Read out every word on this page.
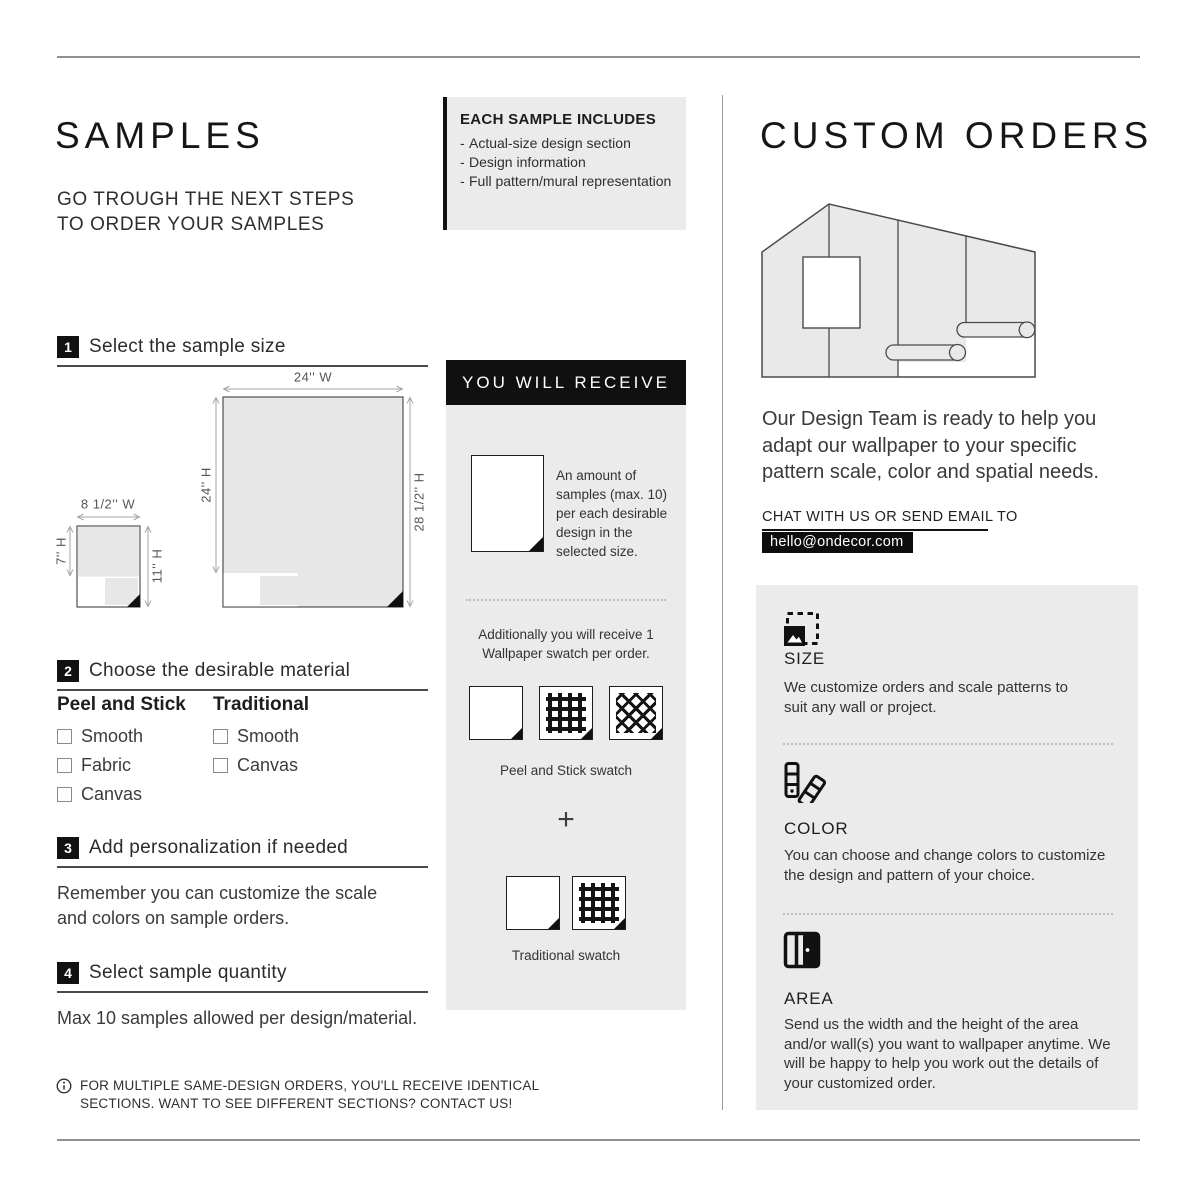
SAMPLES
GO TROUGH THE NEXT STEPS
TO ORDER YOUR SAMPLES
EACH SAMPLE INCLUDES
- Actual-size design section
- Design information
- Full pattern/mural representation
1 Select the sample size
8 1/2'' W
7'' H	11'' H
24'' W
24'' H	28 1/2'' H
2 Choose the desirable material
Peel and Stick
Smooth
Fabric
Canvas
Traditional
Smooth
Canvas
3 Add personalization if needed
Remember you can customize the scale and colors on sample orders.
4 Select sample quantity
Max 10 samples allowed per design/material.
FOR MULTIPLE SAME-DESIGN ORDERS, YOU'LL RECEIVE IDENTICAL SECTIONS. WANT TO SEE DIFFERENT SECTIONS? CONTACT US!
YOU WILL RECEIVE
An amount of samples (max. 10) per each desirable design in the selected size.
Additionally you will receive 1 Wallpaper swatch per order.
Peel and Stick swatch
+
Traditional swatch
CUSTOM ORDERS
Our Design Team is ready to help you adapt our wallpaper to your specific pattern scale, color and spatial needs.
CHAT WITH US OR SEND EMAIL TO
hello@ondecor.com
SIZE
We customize orders and scale patterns to suit any wall or project.
COLOR
You can choose and change colors to customize the design and pattern of your choice.
AREA
Send us the width and the height of the area and/or wall(s) you want to wallpaper anytime. We will be happy to help you work out the details of your customized order.
